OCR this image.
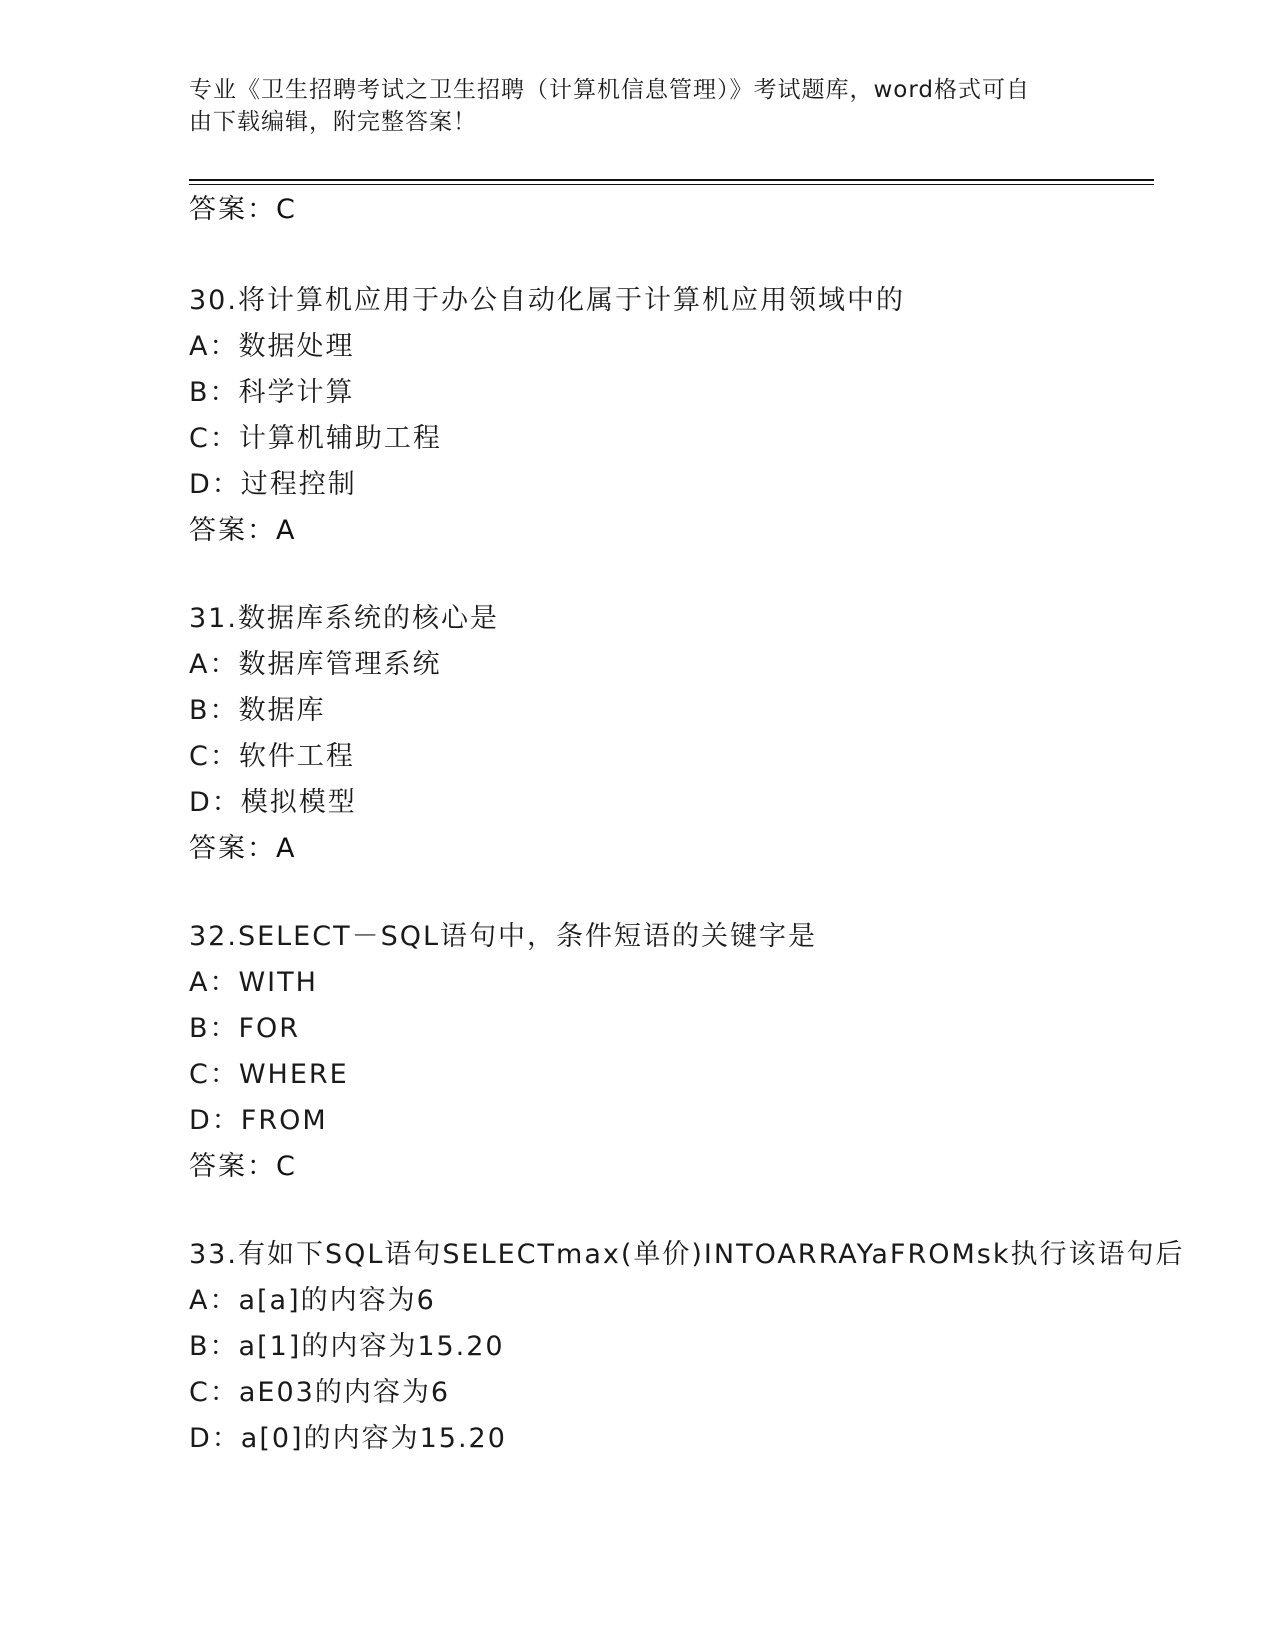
专业《卫生招聘考试之卫生招聘（计算机信息管理）》考试题库，word格式可自
由下载编辑，附完整答案！
答案：C
30.将计算机应用于办公自动化属于计算机应用领域中的
A：数据处理
B：科学计算
C：计算机辅助工程
D：过程控制
答案：A
31.数据库系统的核心是
A：数据库管理系统
B：数据库
C：软件工程
D：模拟模型
答案：A
32.SELECT－SQL语句中，条件短语的关键字是
A：WITH
B：FOR
C：WHERE
D：FROM
答案：C
33.有如下SQL语句SELECTmax(单价)INTOARRAYaFROMsk执行该语句后
A：a[a]的内容为6
B：a[1]的内容为15.20
C：aE03的内容为6
D：a[0]的内容为15.20
